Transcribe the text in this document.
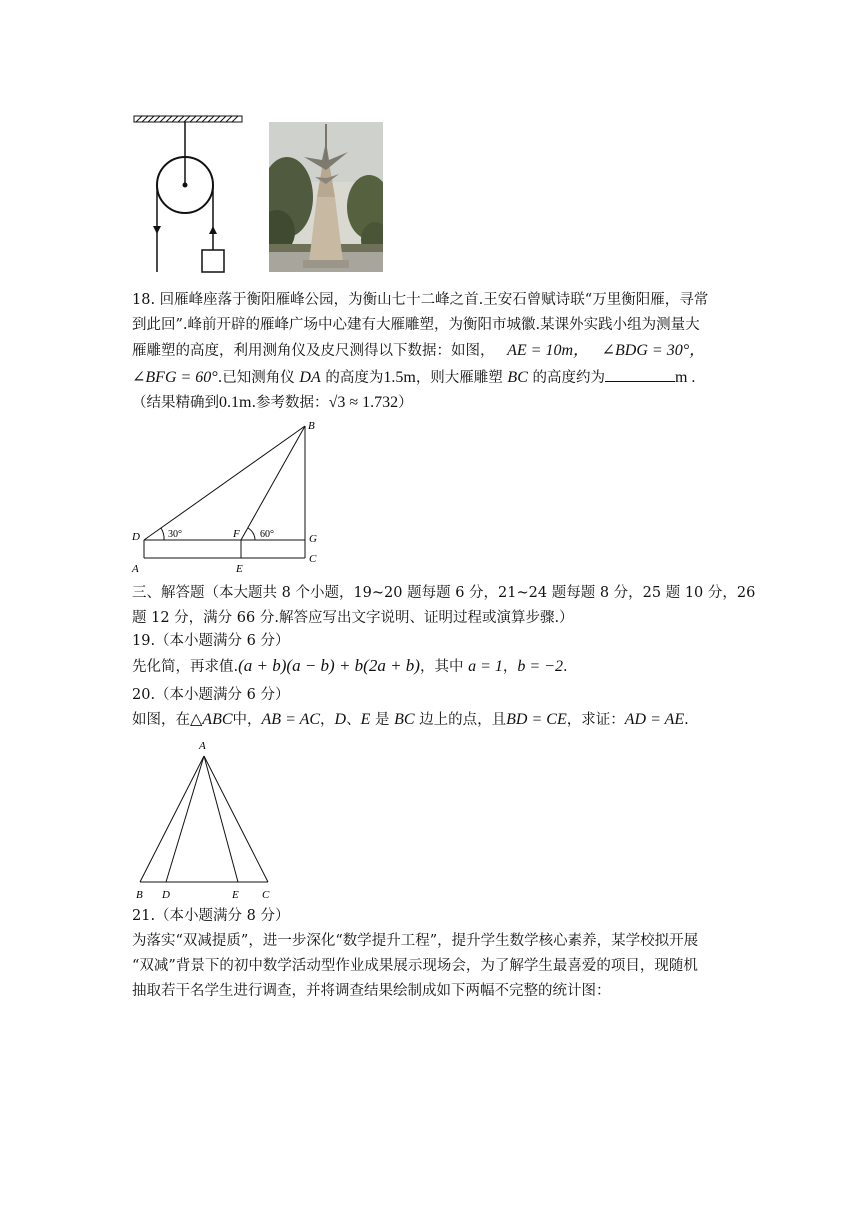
18. 回雁峰座落于衡阳雁峰公园，为衡山七十二峰之首.王安石曾赋诗联“万里衡阳雁，寻常
到此回”.峰前开辟的雁峰广场中心建有大雁雕塑，为衡阳市城徽.某课外实践小组为测量大
雁雕塑的高度，利用测角仪及皮尺测得以下数据：如图， AE = 10m， ∠BDG = 30°，
∠BFG = 60°.已知测角仪 DA 的高度为1.5m，则大雁雕塑 BC 的高度约为	m .
（结果精确到0.1m.参考数据：√3 ≈ 1.732）
B
D	F	G
A	E
C
30°	60°
三、解答题（本大题共 8 个小题，19~20 题每题 6 分，21~24 题每题 8 分，25 题 10 分，26
题 12 分，满分 66 分.解答应写出文字说明、证明过程或演算步骤.）
19.（本小题满分 6 分）
先化简，再求值.(a + b)(a − b) + b(2a + b)，其中 a = 1，b = −2.
20.（本小题满分 6 分）
如图，在△ABC中，AB = AC，D、E 是 BC 边上的点，且BD = CE，求证：AD = AE.
A
B D	E C
21.（本小题满分 8 分）
为落实“双减提质”，进一步深化“数学提升工程”，提升学生数学核心素养，某学校拟开展
“双减”背景下的初中数学活动型作业成果展示现场会，为了解学生最喜爱的项目，现随机
抽取若干名学生进行调查，并将调查结果绘制成如下两幅不完整的统计图：
